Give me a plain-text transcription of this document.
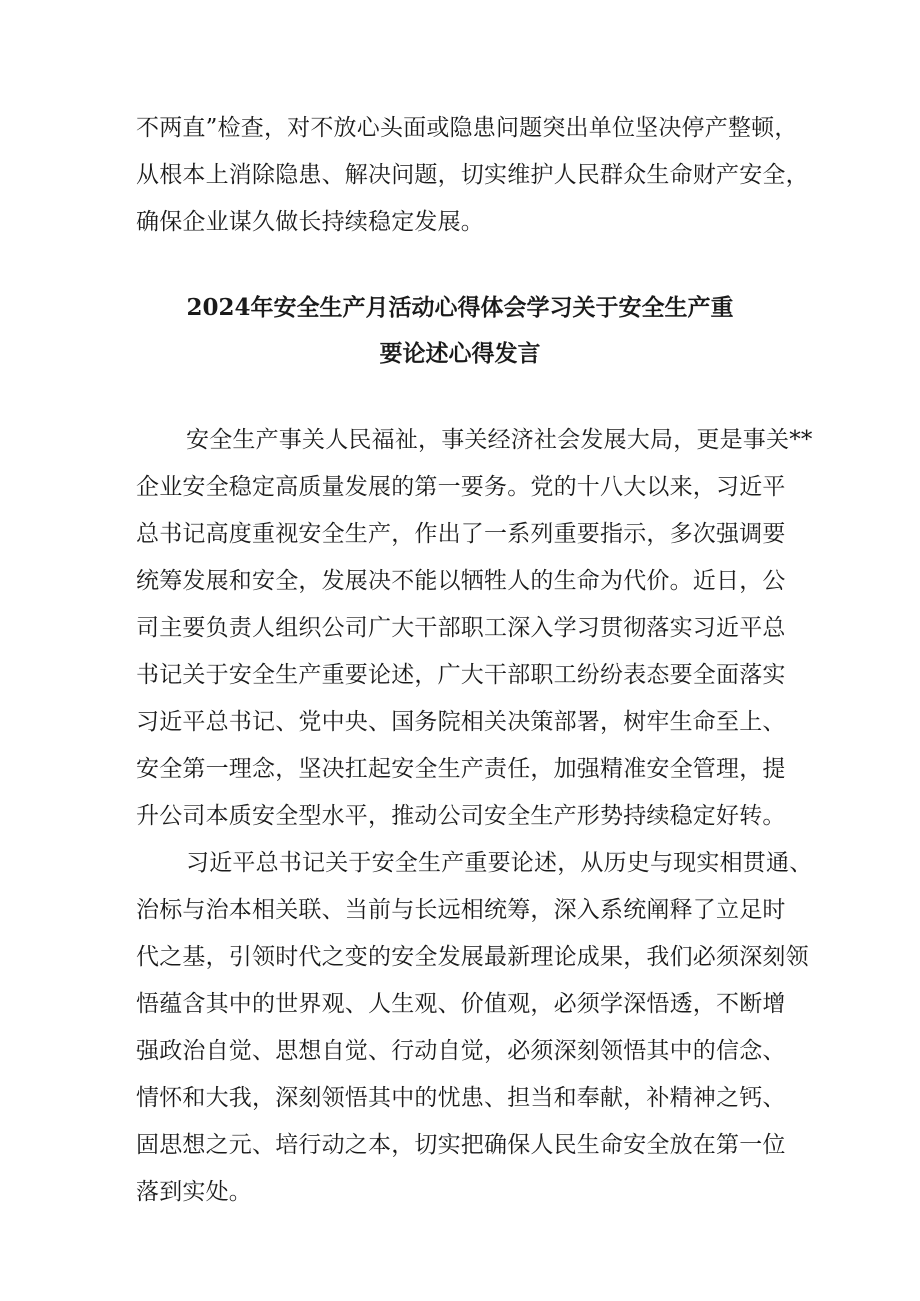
不两直”检查，对不放心头面或隐患问题突出单位坚决停产整顿，
从根本上消除隐患、解决问题，切实维护人民群众生命财产安全，
确保企业谋久做长持续稳定发展。
2024年安全生产月活动心得体会学习关于安全生产重
要论述心得发言
安全生产事关人民福祉，事关经济社会发展大局，更是事关**
企业安全稳定高质量发展的第一要务。党的十八大以来，习近平
总书记高度重视安全生产，作出了一系列重要指示，多次强调要
统筹发展和安全，发展决不能以牺牲人的生命为代价。近日，公
司主要负责人组织公司广大干部职工深入学习贯彻落实习近平总
书记关于安全生产重要论述，广大干部职工纷纷表态要全面落实
习近平总书记、党中央、国务院相关决策部署，树牢生命至上、
安全第一理念，坚决扛起安全生产责任，加强精准安全管理，提
升公司本质安全型水平，推动公司安全生产形势持续稳定好转。
习近平总书记关于安全生产重要论述，从历史与现实相贯通、
治标与治本相关联、当前与长远相统筹，深入系统阐释了立足时
代之基，引领时代之变的安全发展最新理论成果，我们必须深刻领
悟蕴含其中的世界观、人生观、价值观，必须学深悟透，不断增
强政治自觉、思想自觉、行动自觉，必须深刻领悟其中的信念、
情怀和大我，深刻领悟其中的忧患、担当和奉献，补精神之钙、
固思想之元、培行动之本，切实把确保人民生命安全放在第一位
落到实处。
